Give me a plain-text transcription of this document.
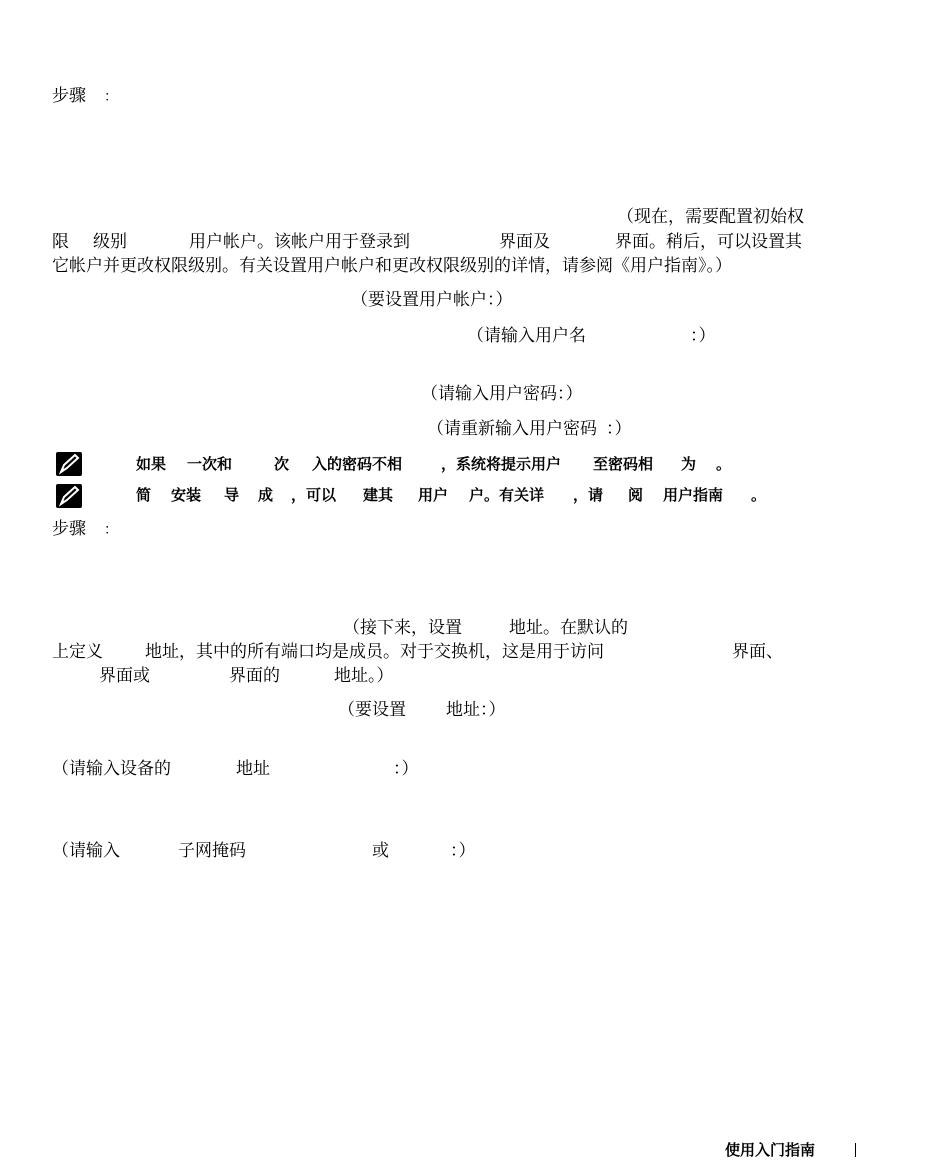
步骤 ：
（现在，需要配置初始权
限 级别	用户帐户。该帐户用于登录到	界面及	界面。稍后，可以设置其
它帐户并更改权限级别。有关设置用户帐户和更改权限级别的详情，请参阅《用户指南》。）
（要设置用户帐户：）
（请输入用户名	：）
（请输入用户密码：）
（请重新输入用户密码 ：）
如果 一次和	次 入的密码不相	，系统将提示用户 至密码相 为 。
简 安装 导 成 ，可以 建其 用户 户。有关详 ，请 阅 用户指南 。
步骤 ：
（接下来，设置	地址。在默认的
上定义 地址，其中的所有端口均是成员。对于交换机，这是用于访问	界面、
界面或	界面的	地址。）
（要设置 地址：）
（请输入设备的	地址	：）
（请输入	子网掩码	或	：）
使用入门指南
